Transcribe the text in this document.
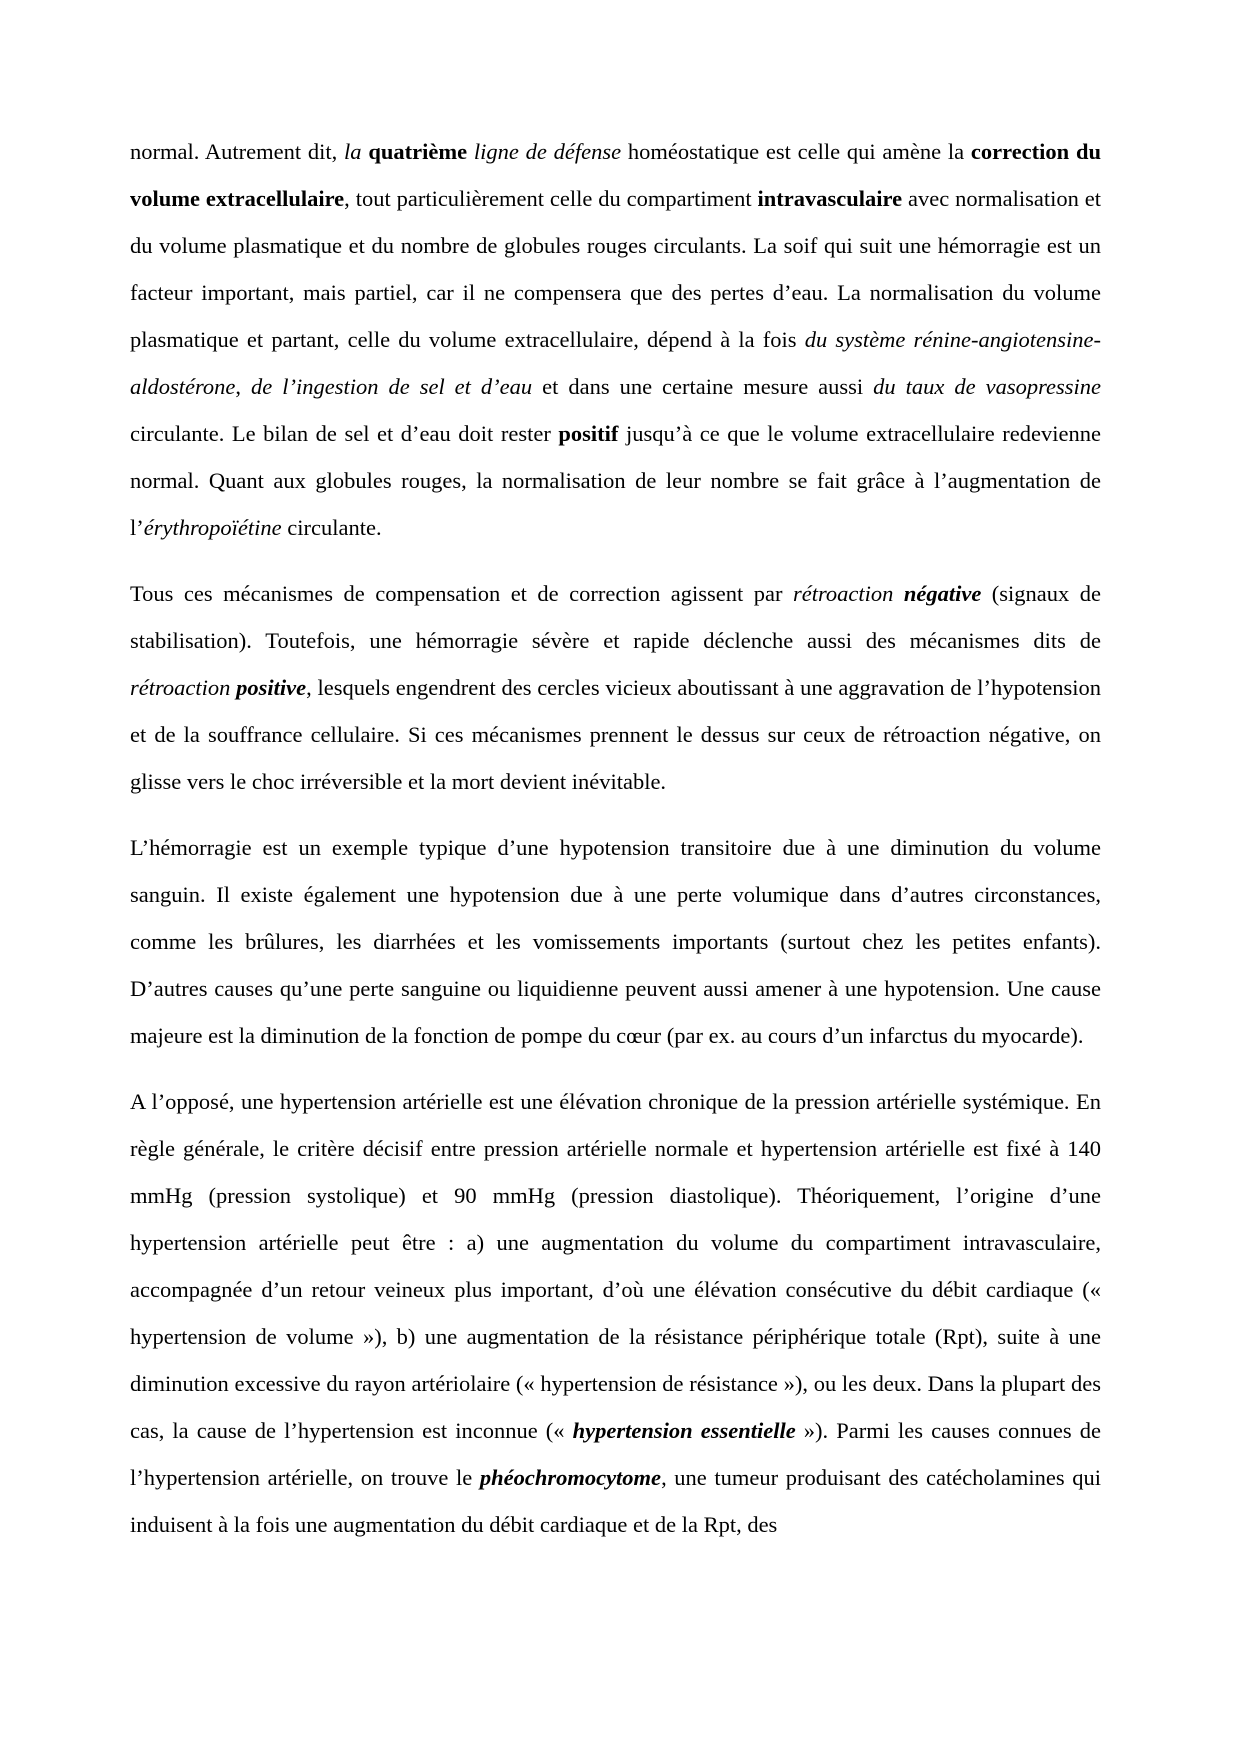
normal. Autrement dit, la quatrième ligne de défense homéostatique est celle qui amène la correction du volume extracellulaire, tout particulièrement celle du compartiment intravasculaire avec normalisation et du volume plasmatique et du nombre de globules rouges circulants. La soif qui suit une hémorragie est un facteur important, mais partiel, car il ne compensera que des pertes d’eau. La normalisation du volume plasmatique et partant, celle du volume extracellulaire, dépend à la fois du système rénine-angiotensine-aldostérone, de l’ingestion de sel et d’eau et dans une certaine mesure aussi du taux de vasopressine circulante. Le bilan de sel et d’eau doit rester positif jusqu’à ce que le volume extracellulaire redevienne normal. Quant aux globules rouges, la normalisation de leur nombre se fait grâce à l’augmentation de l’érythropoïétine circulante.

Tous ces mécanismes de compensation et de correction agissent par rétroaction négative (signaux de stabilisation). Toutefois, une hémorragie sévère et rapide déclenche aussi des mécanismes dits de rétroaction positive, lesquels engendrent des cercles vicieux aboutissant à une aggravation de l’hypotension et de la souffrance cellulaire. Si ces mécanismes prennent le dessus sur ceux de rétroaction négative, on glisse vers le choc irréversible et la mort devient inévitable.

L’hémorragie est un exemple typique d’une hypotension transitoire due à une diminution du volume sanguin. Il existe également une hypotension due à une perte volumique dans d’autres circonstances, comme les brûlures, les diarrhées et les vomissements importants (surtout chez les petites enfants). D’autres causes qu’une perte sanguine ou liquidienne peuvent aussi amener à une hypotension. Une cause majeure est la diminution de la fonction de pompe du cœur (par ex. au cours d’un infarctus du myocarde).

A l’opposé, une hypertension artérielle est une élévation chronique de la pression artérielle systémique. En règle générale, le critère décisif entre pression artérielle normale et hypertension artérielle est fixé à 140 mmHg (pression systolique) et 90 mmHg (pression diastolique). Théoriquement, l’origine d’une hypertension artérielle peut être : a) une augmentation du volume du compartiment intravasculaire, accompagnée d’un retour veineux plus important, d’où une élévation consécutive du débit cardiaque (« hypertension de volume »), b) une augmentation de la résistance périphérique totale (Rpt), suite à une diminution excessive du rayon artériolaire (« hypertension de résistance »), ou les deux. Dans la plupart des cas, la cause de l’hypertension est inconnue (« hypertension essentielle »). Parmi les causes connues de l’hypertension artérielle, on trouve le phéochromocytome, une tumeur produisant des catécholamines qui induisent à la fois une augmentation du débit cardiaque et de la Rpt, des
